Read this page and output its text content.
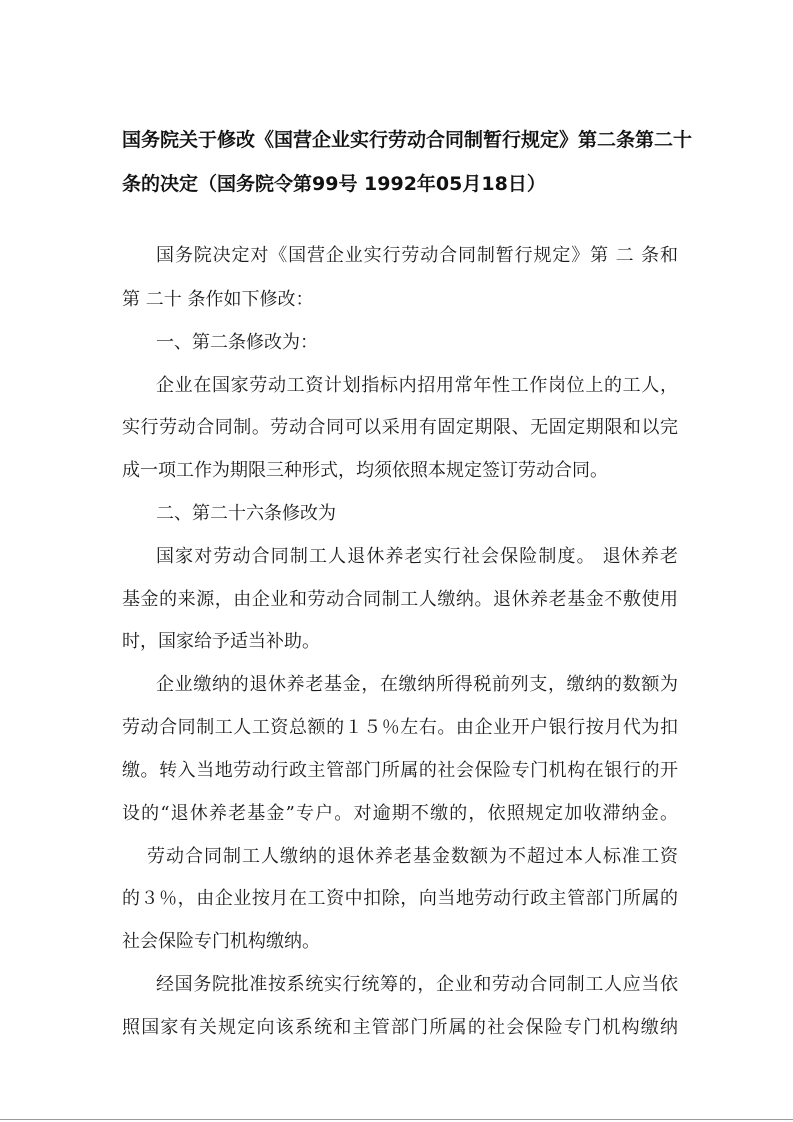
国务院关于修改《国营企业实行劳动合同制暂行规定》第二条第二十
条的决定（国务院令第99号 1992年05月18日）
国务院决定对《国营企业实行劳动合同制暂行规定》第 二 条和
第 二十 条作如下修改：
一、第二条修改为：
企业在国家劳动工资计划指标内招用常年性工作岗位上的工人，
实行劳动合同制。劳动合同可以采用有固定期限、无固定期限和以完
成一项工作为期限三种形式，均须依照本规定签订劳动合同。
二、第二十六条修改为
国家对劳动合同制工人退休养老实行社会保险制度。 退休养老
基金的来源，由企业和劳动合同制工人缴纳。退休养老基金不敷使用
时，国家给予适当补助。
企业缴纳的退休养老基金，在缴纳所得税前列支，缴纳的数额为
劳动合同制工人工资总额的１５％左右。由企业开户银行按月代为扣
缴。转入当地劳动行政主管部门所属的社会保险专门机构在银行的开
设的“退休养老基金”专户。对逾期不缴的，依照规定加收滞纳金。
劳动合同制工人缴纳的退休养老基金数额为不超过本人标准工资
的３％，由企业按月在工资中扣除，向当地劳动行政主管部门所属的
社会保险专门机构缴纳。
经国务院批准按系统实行统筹的，企业和劳动合同制工人应当依
照国家有关规定向该系统和主管部门所属的社会保险专门机构缴纳
